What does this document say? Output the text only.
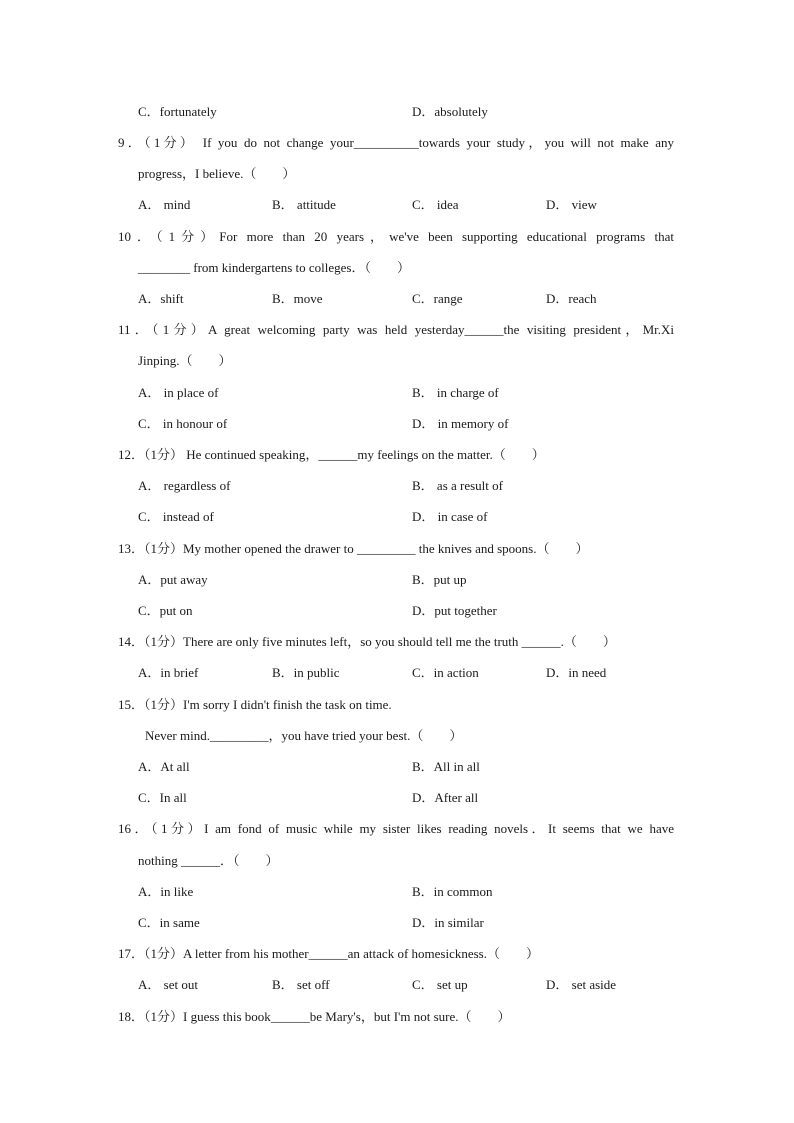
C．fortunately	D．absolutely
9．（1分） If you do not change your__________towards your study，you will not make any
progress，I believe.（　　）
A． mind	B． attitude	C． idea	D． view
10．（1分）For more than 20 years，we've been supporting educational programs that
________ from kindergartens to colleges．（　　）
A．shift	B．move	C．range	D．reach
11．（1分）A great welcoming party was held yesterday______the visiting president，Mr.Xi
Jinping.（　　）
A． in place of	B． in charge of
C． in honour of	D． in memory of
12．（1分） He continued speaking，______my feelings on the matter.（　　）
A． regardless of	B． as a result of
C． instead of	D． in case of
13．（1分）My mother opened the drawer to _________ the knives and spoons.（　　）
A．put away	B．put up
C．put on	D．put together
14．（1分）There are only five minutes left，so you should tell me the truth ______.（　　）
A．in brief	B．in public	C．in action	D．in need
15．（1分）I'm sorry I didn't finish the task on time.
Never mind._________，you have tried your best.（　　）
A．At all	B．All in all
C．In all	D．After all
16．（1分）I am fond of music while my sister likes reading novels．It seems that we have
nothing ______．（　　）
A．in like	B．in common
C．in same	D．in similar
17．（1分）A letter from his mother______an attack of homesickness.（　　）
A． set out	B． set off	C． set up	D． set aside
18．（1分）I guess this book______be Mary's，but I'm not sure.（　　）
